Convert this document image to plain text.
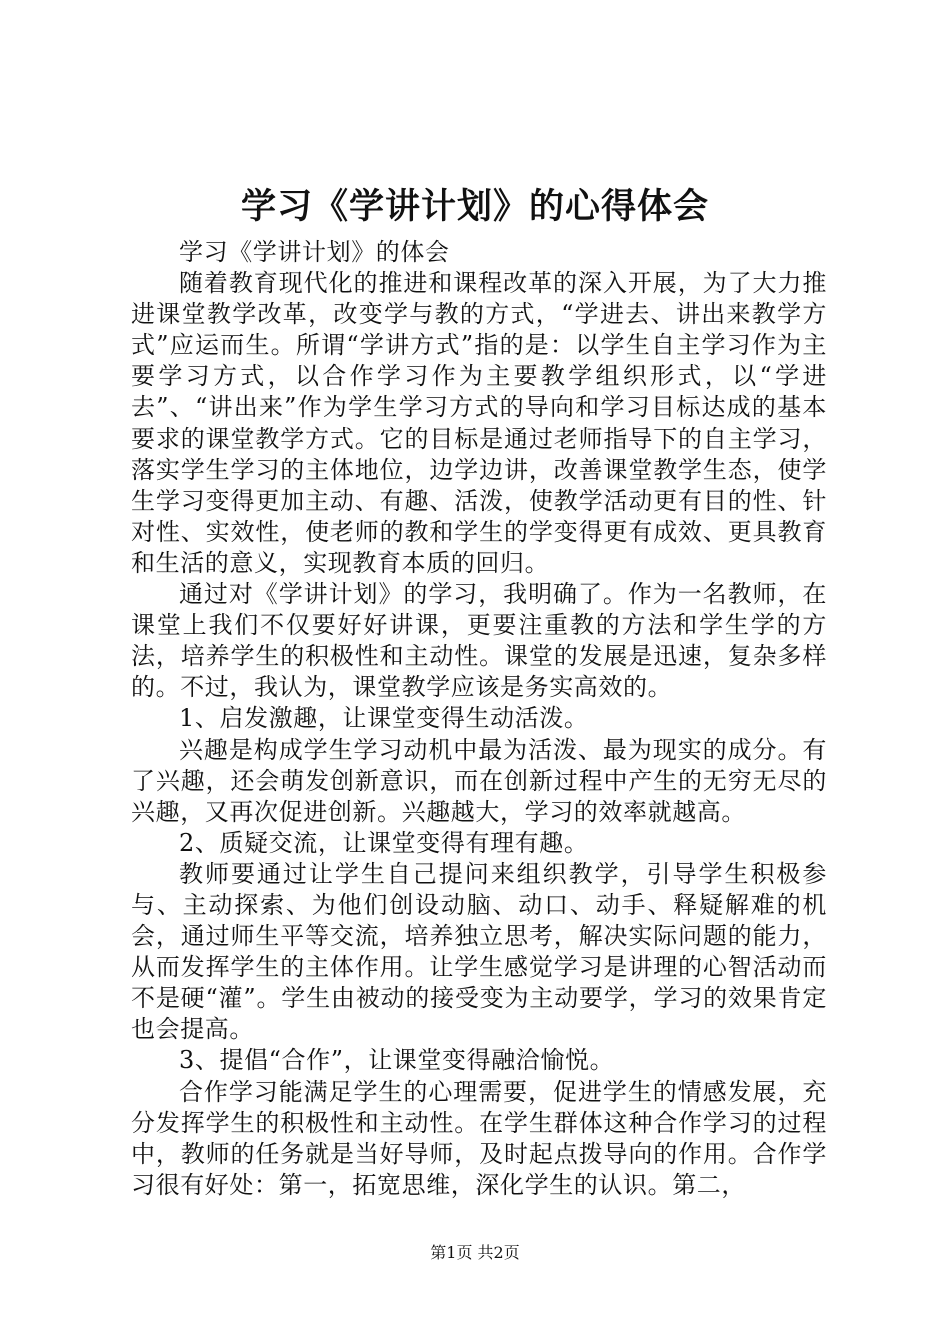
学习《学讲计划》的心得体会

学习《学讲计划》的体会

随着教育现代化的推进和课程改革的深入开展，为了大力推进课堂教学改革，改变学与教的方式，“学进去、讲出来教学方式”应运而生。所谓“学讲方式”指的是：以学生自主学习作为主要学习方式，以合作学习作为主要教学组织形式，以“学进去”、“讲出来”作为学生学习方式的导向和学习目标达成的基本要求的课堂教学方式。它的目标是通过老师指导下的自主学习，落实学生学习的主体地位，边学边讲，改善课堂教学生态，使学生学习变得更加主动、有趣、活泼，使教学活动更有目的性、针对性、实效性，使老师的教和学生的学变得更有成效、更具教育和生活的意义，实现教育本质的回归。

通过对《学讲计划》的学习，我明确了。作为一名教师，在课堂上我们不仅要好好讲课，更要注重教的方法和学生学的方法，培养学生的积极性和主动性。课堂的发展是迅速，复杂多样的。不过，我认为，课堂教学应该是务实高效的。

1、启发激趣，让课堂变得生动活泼。

兴趣是构成学生学习动机中最为活泼、最为现实的成分。有了兴趣，还会萌发创新意识，而在创新过程中产生的无穷无尽的兴趣，又再次促进创新。兴趣越大，学习的效率就越高。

2、质疑交流，让课堂变得有理有趣。

教师要通过让学生自己提问来组织教学，引导学生积极参与、主动探索、为他们创设动脑、动口、动手、释疑解难的机会，通过师生平等交流，培养独立思考，解决实际问题的能力，从而发挥学生的主体作用。让学生感觉学习是讲理的心智活动而不是硬“灌”。学生由被动的接受变为主动要学，学习的效果肯定也会提高。

3、提倡“合作”，让课堂变得融洽愉悦。

合作学习能满足学生的心理需要，促进学生的情感发展，充分发挥学生的积极性和主动性。在学生群体这种合作学习的过程中，教师的任务就是当好导师，及时起点拨导向的作用。合作学习很有好处：第一，拓宽思维，深化学生的认识。第二，

第1页 共2页
